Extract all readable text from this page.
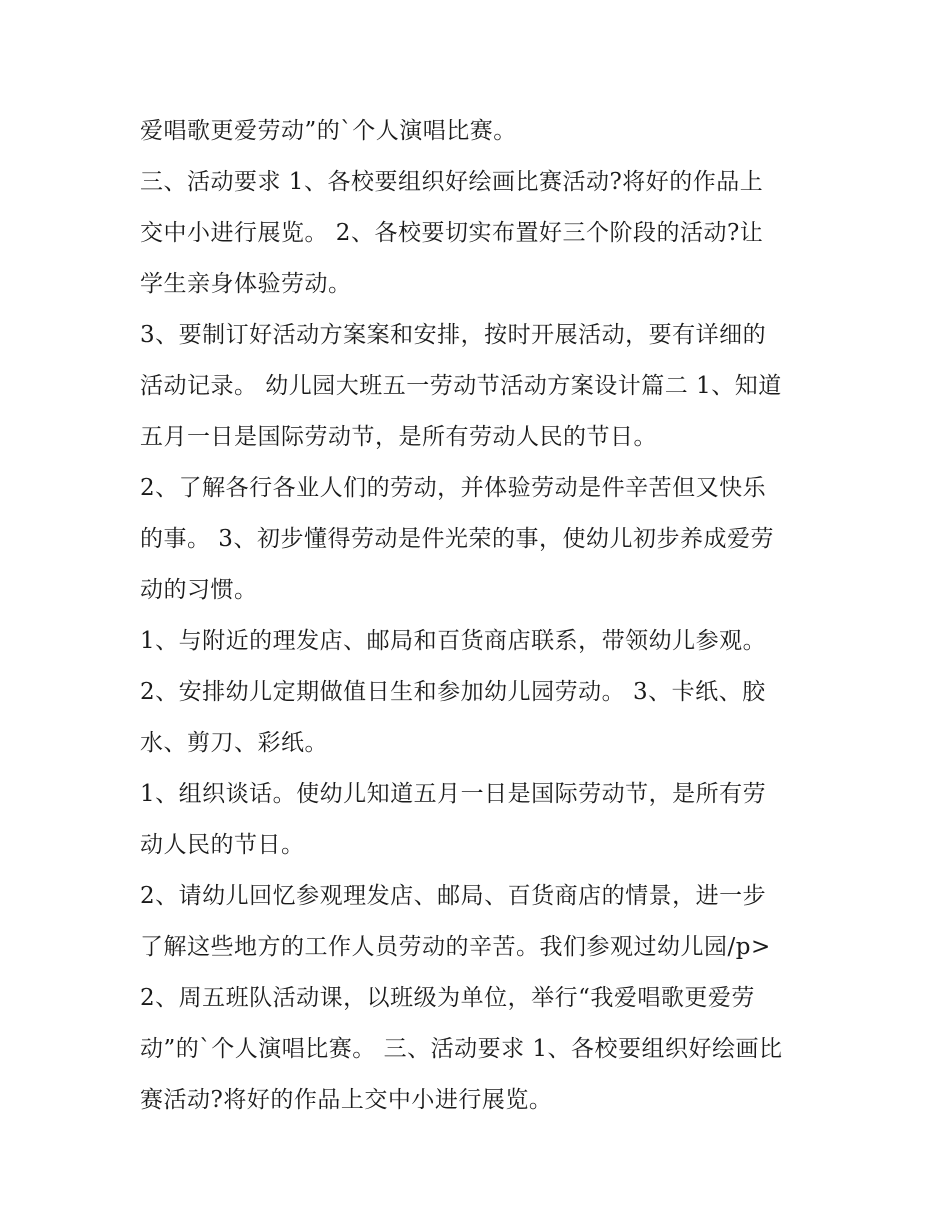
爱唱歌更爱劳动”的`个人演唱比赛。
三、活动要求 1、各校要组织好绘画比赛活动?将好的作品上
交中小进行展览。 2、各校要切实布置好三个阶段的活动?让
学生亲身体验劳动。
3、要制订好活动方案案和安排，按时开展活动，要有详细的
活动记录。 幼儿园大班五一劳动节活动方案设计篇二 1、知道
五月一日是国际劳动节，是所有劳动人民的节日。
2、了解各行各业人们的劳动，并体验劳动是件辛苦但又快乐
的事。 3、初步懂得劳动是件光荣的事，使幼儿初步养成爱劳
动的习惯。
1、与附近的理发店、邮局和百货商店联系，带领幼儿参观。
2、安排幼儿定期做值日生和参加幼儿园劳动。 3、卡纸、胶
水、剪刀、彩纸。
1、组织谈话。使幼儿知道五月一日是国际劳动节，是所有劳
动人民的节日。
2、请幼儿回忆参观理发店、邮局、百货商店的情景，进一步
了解这些地方的工作人员劳动的辛苦。我们参观过幼儿园/p>
2、周五班队活动课，以班级为单位，举行“我爱唱歌更爱劳
动”的`个人演唱比赛。 三、活动要求 1、各校要组织好绘画比
赛活动?将好的作品上交中小进行展览。
